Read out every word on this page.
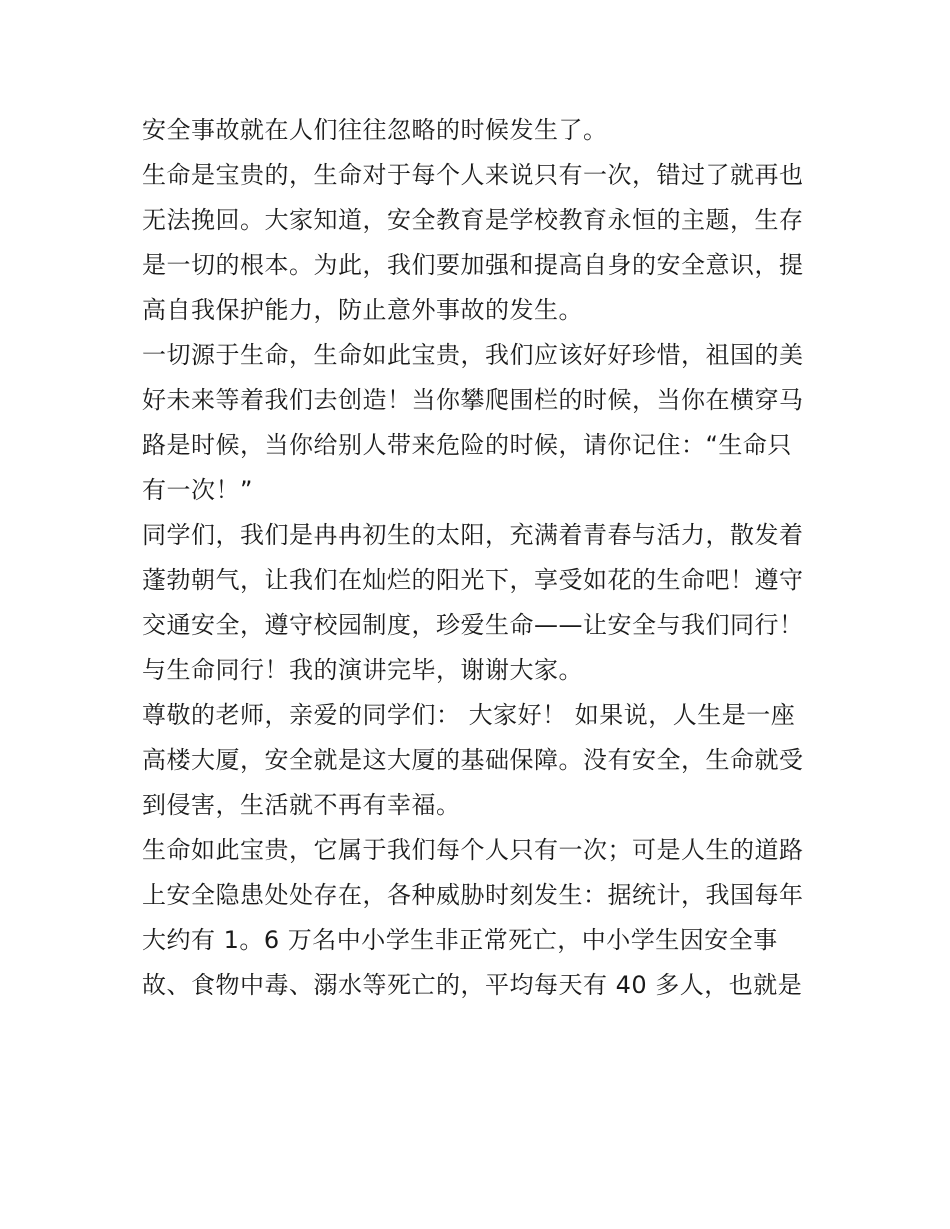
安全事故就在人们往往忽略的时候发生了。
生命是宝贵的，生命对于每个人来说只有一次，错过了就再也
无法挽回。大家知道，安全教育是学校教育永恒的主题，生存
是一切的根本。为此，我们要加强和提高自身的安全意识，提
高自我保护能力，防止意外事故的发生。
一切源于生命，生命如此宝贵，我们应该好好珍惜，祖国的美
好未来等着我们去创造！当你攀爬围栏的时候，当你在横穿马
路是时候，当你给别人带来危险的时候，请你记住：“生命只
有一次！”
同学们，我们是冉冉初生的太阳，充满着青春与活力，散发着
蓬勃朝气，让我们在灿烂的阳光下，享受如花的生命吧！遵守
交通安全，遵守校园制度，珍爱生命——让安全与我们同行！
与生命同行！我的演讲完毕，谢谢大家。
尊敬的老师，亲爱的同学们： 大家好！ 如果说，人生是一座
高楼大厦，安全就是这大厦的基础保障。没有安全，生命就受
到侵害，生活就不再有幸福。
生命如此宝贵，它属于我们每个人只有一次；可是人生的道路
上安全隐患处处存在，各种威胁时刻发生：据统计，我国每年
大约有 1。6 万名中小学生非正常死亡，中小学生因安全事
故、食物中毒、溺水等死亡的，平均每天有 40 多人，也就是
